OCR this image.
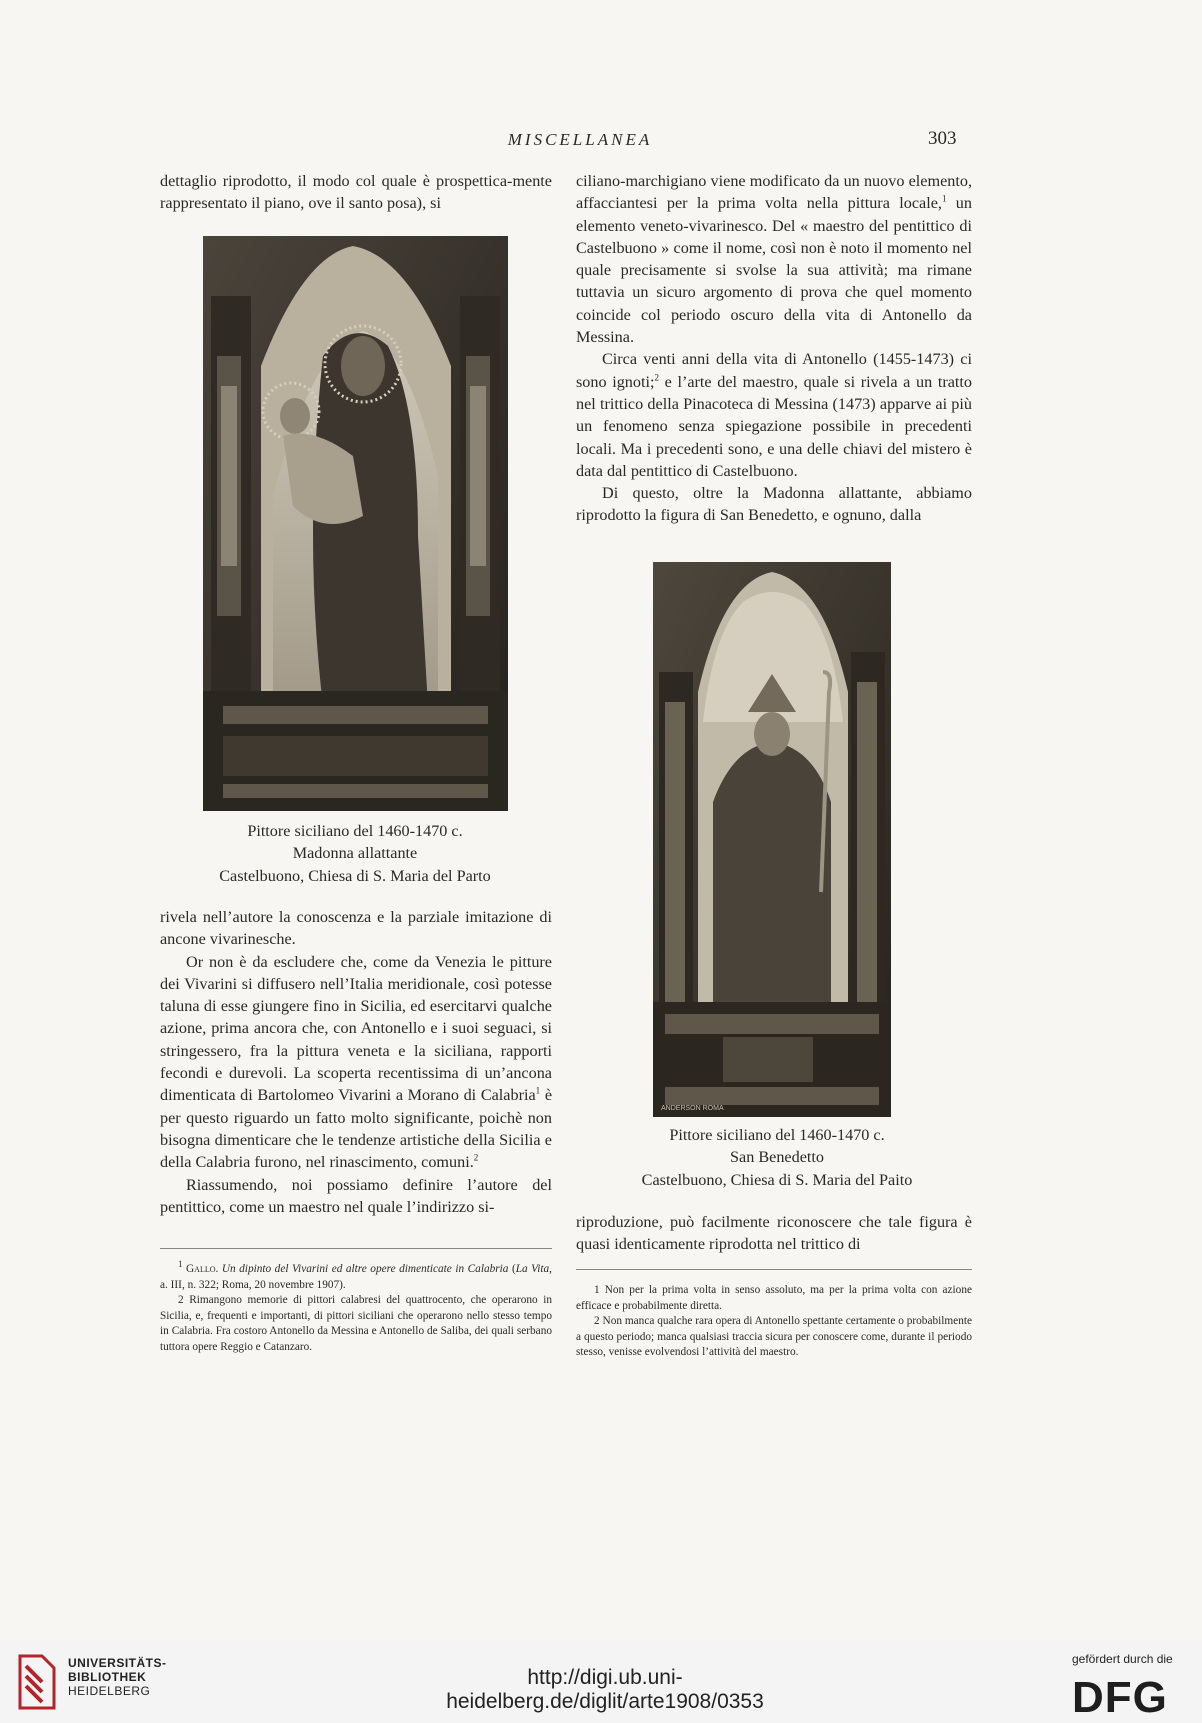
MISCELLANEA	303

dettaglio riprodotto, il modo col quale è prospettica-mente rappresentato il piano, ove il santo posa), si

Pittore siciliano del 1460-1470 c.
Madonna allattante
Castelbuono, Chiesa di S. Maria del Parto

rivela nell’autore la conoscenza e la parziale imitazione di ancone vivarinesche.

Or non è da escludere che, come da Venezia le pitture dei Vivarini si diffusero nell’Italia meridionale, così potesse taluna di esse giungere fino in Sicilia, ed esercitarvi qualche azione, prima ancora che, con Antonello e i suoi seguaci, si stringessero, fra la pittura veneta e la siciliana, rapporti fecondi e durevoli. La scoperta recentissima di un’ancona dimenticata di Bartolomeo Vivarini a Morano di Calabria$^1$ è per questo riguardo un fatto molto significante, poichè non bisogna dimenticare che le tendenze artistiche della Sicilia e della Calabria furono, nel rinascimento, comuni.$^2$

Riassumendo, noi possiamo definire l’autore del pentittico, come un maestro nel quale l’indirizzo si-

ciliano-marchigiano viene modificato da un nuovo elemento, affacciantesi per la prima volta nella pittura locale,$^1$ un elemento veneto-vivarinesco. Del « maestro del pentittico di Castelbuono » come il nome, così non è noto il momento nel quale precisamente si svolse la sua attività; ma rimane tuttavia un sicuro argomento di prova che quel momento coincide col periodo oscuro della vita di Antonello da Messina.

Circa venti anni della vita di Antonello (1455-1473) ci sono ignoti;$^2$ e l’arte del maestro, quale si rivela a un tratto nel trittico della Pinacoteca di Messina (1473) apparve ai più un fenomeno senza spiegazione possibile in precedenti locali. Ma i precedenti sono, e una delle chiavi del mistero è data dal pentittico di Castelbuono.

Di questo, oltre la Madonna allattante, abbiamo riprodotto la figura di San Benedetto, e ognuno, dalla

ANDERSON ROMA
Pittore siciliano del 1460-1470 c.
San Benedetto
Castelbuono, Chiesa di S. Maria del Paito

riproduzione, può facilmente riconoscere che tale figura è quasi identicamente riprodotta nel trittico di

$^1$ Gallo. Un dipinto del Vivarini ed altre opere dimenticate in Calabria (La Vita, a. III, n. 322; Roma, 20 novembre 1907).

2 Rimangono memorie di pittori calabresi del quattrocento, che operarono in Sicilia, e, frequenti e importanti, di pittori siciliani che operarono nello stesso tempo in Calabria. Fra costoro Antonello da Messina e Antonello de Saliba, dei quali serbano tuttora opere Reggio e Catanzaro.

1 Non per la prima volta in senso assoluto, ma per la prima volta con azione efficace e probabilmente diretta.

2 Non manca qualche rara opera di Antonello spettante certamente o probabilmente a questo periodo; manca qualsiasi traccia sicura per conoscere come, durante il periodo stesso, venisse evolvendosi l’attività del maestro.

UNIVERSITÄTS-
BIBLIOTHEK
HEIDELBERG
http://digi.ub.uni-heidelberg.de/diglit/arte1908/0353
gefördert durch die
DFG
